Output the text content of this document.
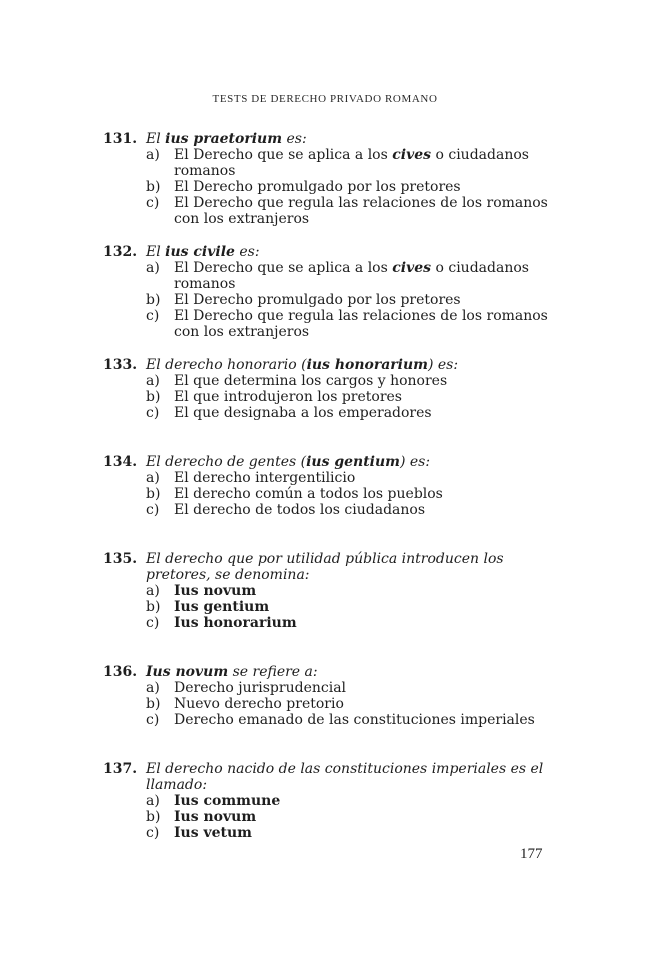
TESTS DE DERECHO PRIVADO ROMANO
131. El ius praetorium es:
a) El Derecho que se aplica a los cives o ciudadanos romanos
b) El Derecho promulgado por los pretores
c) El Derecho que regula las relaciones de los romanos con los extranjeros
132. El ius civile es:
a) El Derecho que se aplica a los cives o ciudadanos romanos
b) El Derecho promulgado por los pretores
c) El Derecho que regula las relaciones de los romanos con los extranjeros
133. El derecho honorario (ius honorarium) es:
a) El que determina los cargos y honores
b) El que introdujeron los pretores
c) El que designaba a los emperadores
134. El derecho de gentes (ius gentium) es:
a) El derecho intergentilicio
b) El derecho común a todos los pueblos
c) El derecho de todos los ciudadanos
135. El derecho que por utilidad pública introducen los pretores, se denomina:
a) Ius novum
b) Ius gentium
c) Ius honorarium
136. Ius novum se refiere a:
a) Derecho jurisprudencial
b) Nuevo derecho pretorio
c) Derecho emanado de las constituciones imperiales
137. El derecho nacido de las constituciones imperiales es el llamado:
a) Ius commune
b) Ius novum
c) Ius vetum
177
